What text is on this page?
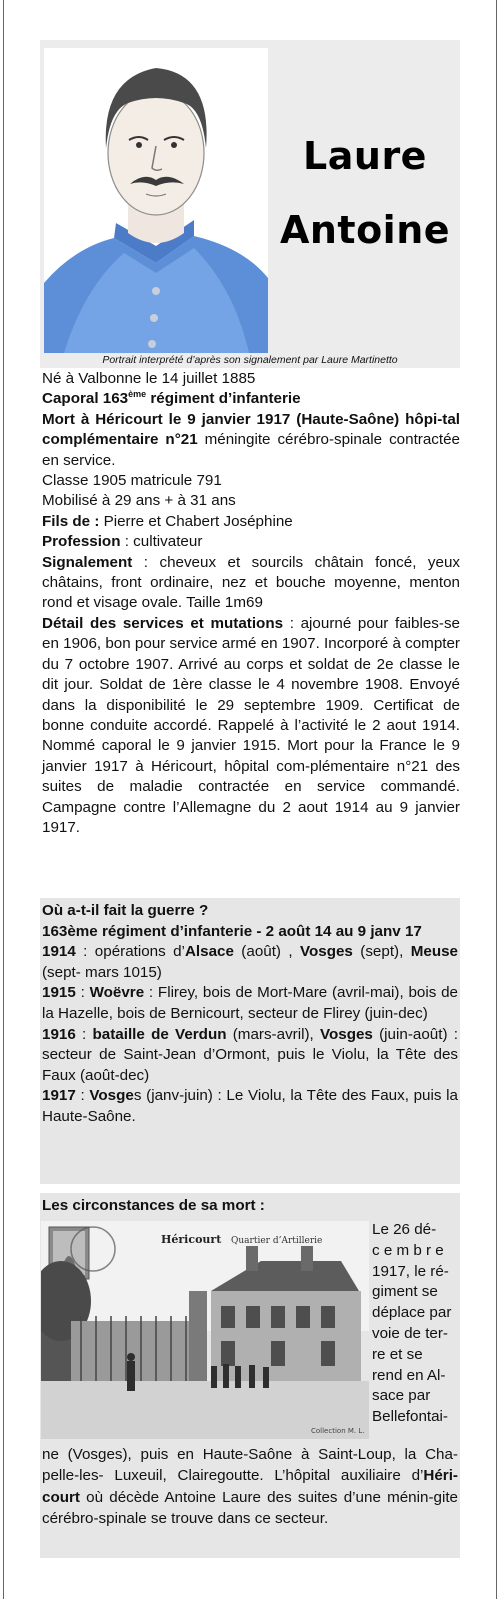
Laure
Antoine
Portrait interprété d’après son signalement par Laure Martinetto

Né à Valbonne le 14 juillet 1885

Caporal 163ème régiment d’infanterie

Mort à Héricourt le 9 janvier 1917 (Haute-Saône) hôpi-tal complémentaire n°21 méningite cérébro-spinale contractée en service.

Classe 1905 matricule 791

Mobilisé à 29 ans + à 31 ans

Fils de : Pierre et Chabert Joséphine

Profession : cultivateur

Signalement : cheveux et sourcils châtain foncé, yeux châtains, front ordinaire, nez et bouche moyenne, menton rond et visage ovale. Taille 1m69

Détail des services et mutations : ajourné pour faibles-se en 1906, bon pour service armé en 1907. Incorporé à compter du 7 octobre 1907. Arrivé au corps et soldat de 2e classe le dit jour. Soldat de 1ère classe le 4 novembre 1908. Envoyé dans la disponibilité le 29 septembre 1909. Certificat de bonne conduite accordé. Rappelé à l’activité le 2 aout 1914. Nommé caporal le 9 janvier 1915. Mort pour la France le 9 janvier 1917 à Héricourt, hôpital com-plémentaire n°21 des suites de maladie contractée en service commandé. Campagne contre l’Allemagne du 2 aout 1914 au 9 janvier 1917.

Où a-t-il fait la guerre ?

163ème régiment d’infanterie - 2 août 14 au 9 janv 17

1914 : opérations d’Alsace (août) , Vosges (sept), Meuse (sept- mars 1015)

1915 : Woëvre : Flirey, bois de Mort-Mare (avril-mai), bois de la Hazelle, bois de Bernicourt, secteur de Flirey (juin-dec)

1916 : bataille de Verdun (mars-avril), Vosges (juin-août) : secteur de Saint-Jean d’Ormont, puis le Violu, la Tête des Faux (août-dec)

1917 : Vosges (janv-juin) : Le Violu, la Tête des Faux, puis la Haute-Saône.

Les circonstances de sa mort :
Héricourt Quartier d’Artillerie
Collection M. L.
Le 26 dé-
c e m b r e
1917, le ré-
giment se
déplace par
voie de ter-
re et se
rend en Al-
sace par
Bellefontai-
ne (Vosges), puis en Haute-Saône à Saint-Loup, la Cha-pelle-les- Luxeuil, Clairegoutte. L’hôpital auxiliaire d’Héri-court où décède Antoine Laure des suites d’une ménin-gite cérébro-spinale se trouve dans ce secteur.
